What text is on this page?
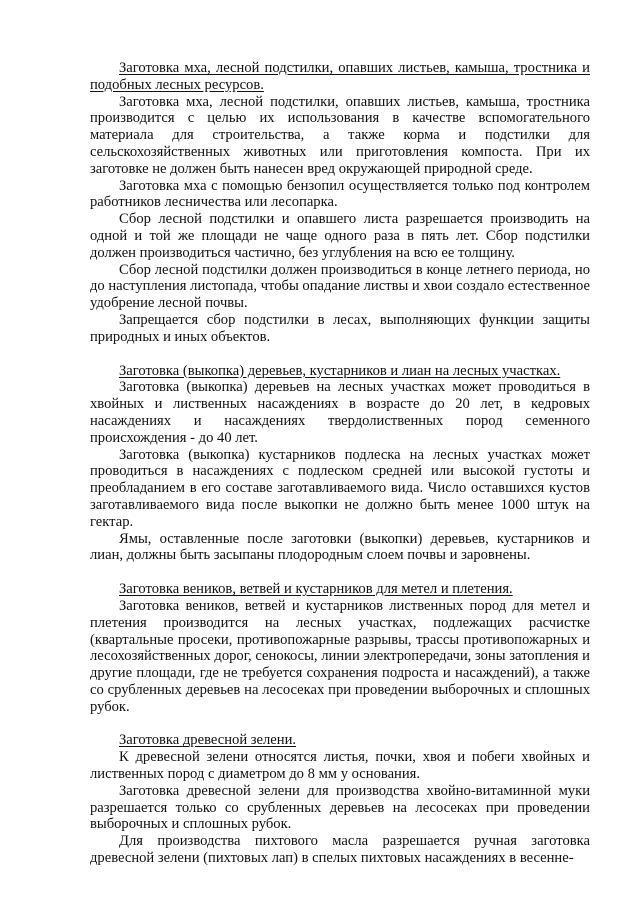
Заготовка мха, лесной подстилки, опавших листьев, камыша, тростника и подобных лесных ресурсов.

Заготовка мха, лесной подстилки, опавших листьев, камыша, тростника производится с целью их использования в качестве вспомогательного материала для строительства, а также корма и подстилки для сельскохозяйственных животных или приготовления компоста. При их заготовке не должен быть нанесен вред окружающей природной среде.

Заготовка мха с помощью бензопил осуществляется только под контролем работников лесничества или лесопарка.

Сбор лесной подстилки и опавшего листа разрешается производить на одной и той же площади не чаще одного раза в пять лет. Сбор подстилки должен производиться частично, без углубления на всю ее толщину.

Сбор лесной подстилки должен производиться в конце летнего периода, но до наступления листопада, чтобы опадание листвы и хвои создало естественное удобрение лесной почвы.

Запрещается сбор подстилки в лесах, выполняющих функции защиты природных и иных объектов.

Заготовка (выкопка) деревьев, кустарников и лиан на лесных участках.

Заготовка (выкопка) деревьев на лесных участках может проводиться в хвойных и лиственных насаждениях в возрасте до 20 лет, в кедровых насаждениях и насаждениях твердолиственных пород семенного происхождения - до 40 лет.

Заготовка (выкопка) кустарников подлеска на лесных участках может проводиться в насаждениях с подлеском средней или высокой густоты и преобладанием в его составе заготавливаемого вида. Число оставшихся кустов заготавливаемого вида после выкопки не должно быть менее 1000 штук на гектар.

Ямы, оставленные после заготовки (выкопки) деревьев, кустарников и лиан, должны быть засыпаны плодородным слоем почвы и заровнены.

Заготовка веников, ветвей и кустарников для метел и плетения.

Заготовка веников, ветвей и кустарников лиственных пород для метел и плетения производится на лесных участках, подлежащих расчистке (квартальные просеки, противопожарные разрывы, трассы противопожарных и лесохозяйственных дорог, сенокосы, линии электропередачи, зоны затопления и другие площади, где не требуется сохранения подроста и насаждений), а также со срубленных деревьев на лесосеках при проведении выборочных и сплошных рубок.

Заготовка древесной зелени.

К древесной зелени относятся листья, почки, хвоя и побеги хвойных и лиственных пород с диаметром до 8 мм у основания.

Заготовка древесной зелени для производства хвойно-витаминной муки разрешается только со срубленных деревьев на лесосеках при проведении выборочных и сплошных рубок.

Для производства пихтового масла разрешается ручная заготовка древесной зелени (пихтовых лап) в спелых пихтовых насаждениях в весенне-
